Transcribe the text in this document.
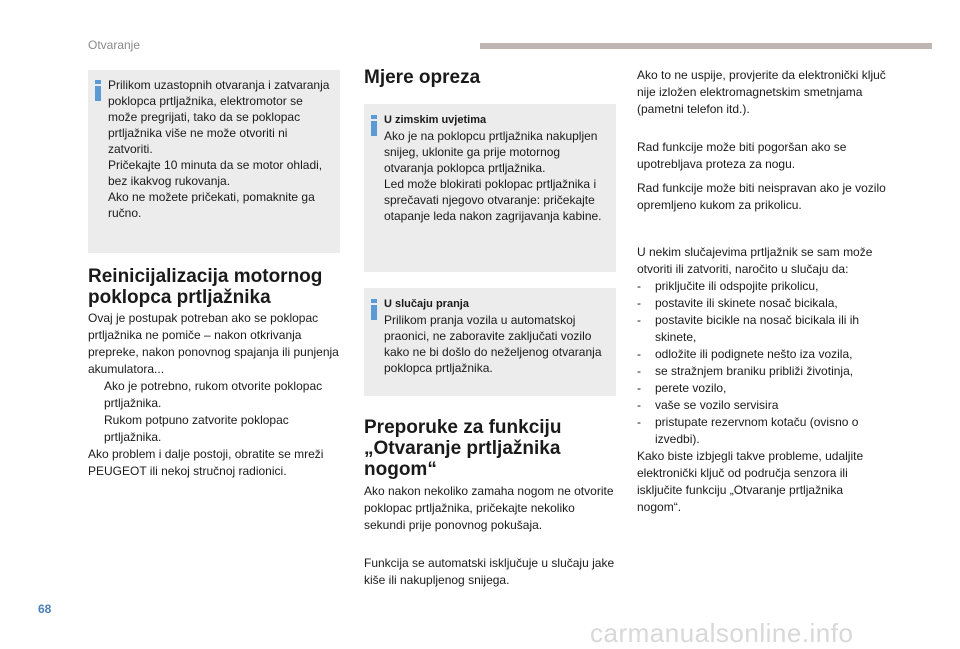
Otvaranje
Prilikom uzastopnih otvaranja i zatvaranja
poklopca prtljažnika, elektromotor se
može pregrijati, tako da se poklopac
prtljažnika više ne može otvoriti ni
zatvoriti.
Pričekajte 10 minuta da se motor ohladi,
bez ikakvog rukovanja.
Ako ne možete pričekati, pomaknite ga
ručno.
Reinicijalizacija motornog
poklopca prtljažnika

Ovaj je postupak potreban ako se poklopac
prtljažnika ne pomiče – nakon otkrivanja
prepreke, nakon ponovnog spajanja ili punjenja
akumulatora...

Ako je potrebno, rukom otvorite poklopac
prtljažnika.
Rukom potpuno zatvorite poklopac
prtljažnika.

Ako problem i dalje postoji, obratite se mreži
PEUGEOT ili nekoj stručnoj radionici.

Mjere opreza
U zimskim uvjetima
Ako je na poklopcu prtljažnika nakupljen
snijeg, uklonite ga prije motornog
otvaranja poklopca prtljažnika.
Led može blokirati poklopac prtljažnika i
sprečavati njegovo otvaranje: pričekajte
otapanje leda nakon zagrijavanja kabine.
U slučaju pranja
Prilikom pranja vozila u automatskoj
praonici, ne zaboravite zaključati vozilo
kako ne bi došlo do neželjenog otvaranja
poklopca prtljažnika.
Preporuke za funkciju
„Otvaranje prtljažnika
nogom“
Ako nakon nekoliko zamaha nogom ne otvorite
poklopac prtljažnika, pričekajte nekoliko
sekundi prije ponovnog pokušaja.
Funkcija se automatski isključuje u slučaju jake
kiše ili nakupljenog snijega.
Ako to ne uspije, provjerite da elektronički ključ
nije izložen elektromagnetskim smetnjama
(pametni telefon itd.).
Rad funkcije može biti pogoršan ako se
upotrebljava proteza za nogu.
Rad funkcije može biti neispravan ako je vozilo
opremljeno kukom za prikolicu.
U nekim slučajevima prtljažnik se sam može
otvoriti ili zatvoriti, naročito u slučaju da:
- priključite ili odspojite prikolicu,
- postavite ili skinete nosač bicikala,
- postavite bicikle na nosač bicikala ili ih
skinete,
- odložite ili podignete nešto iza vozila,
- se stražnjem braniku približi životinja,
- perete vozilo,
- vaše se vozilo servisira
- pristupate rezervnom kotaču (ovisno o
izvedbi).
Kako biste izbjegli takve probleme, udaljite
elektronički ključ od područja senzora ili
isključite funkciju „Otvaranje prtljažnika
nogom“.
68
carmanualsonline.info
